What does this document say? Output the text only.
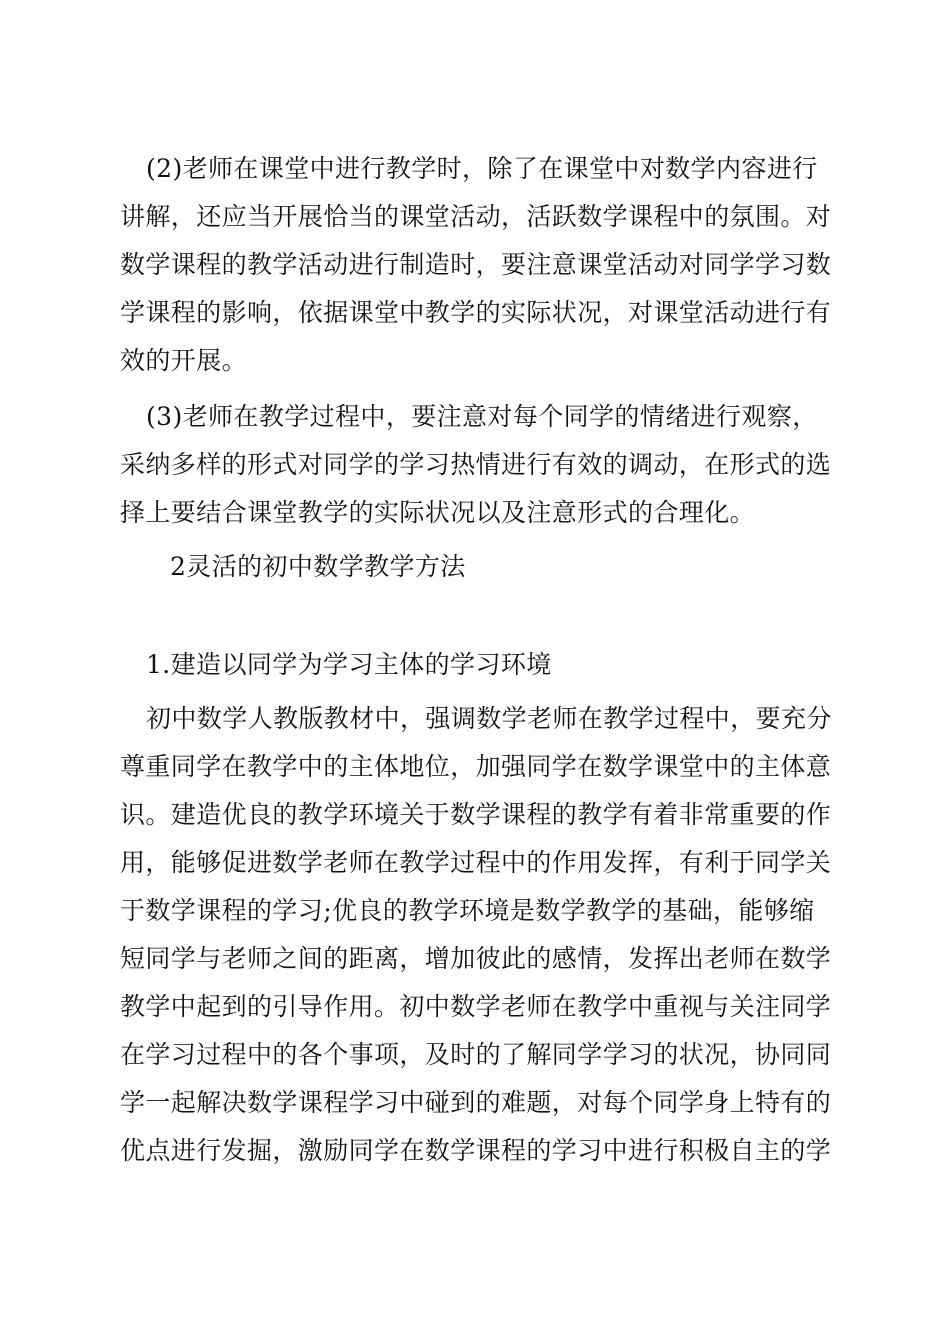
(2)老师在课堂中进行教学时，除了在课堂中对数学内容进行
讲解，还应当开展恰当的课堂活动，活跃数学课程中的氛围。对
数学课程的教学活动进行制造时，要注意课堂活动对同学学习数
学课程的影响，依据课堂中教学的实际状况，对课堂活动进行有
效的开展。
(3)老师在教学过程中，要注意对每个同学的情绪进行观察，
采纳多样的形式对同学的学习热情进行有效的调动，在形式的选
择上要结合课堂教学的实际状况以及注意形式的合理化。
2灵活的初中数学教学方法
1.建造以同学为学习主体的学习环境
初中数学人教版教材中，强调数学老师在教学过程中，要充分
尊重同学在教学中的主体地位，加强同学在数学课堂中的主体意
识。建造优良的教学环境关于数学课程的教学有着非常重要的作
用，能够促进数学老师在教学过程中的作用发挥，有利于同学关
于数学课程的学习;优良的教学环境是数学教学的基础，能够缩
短同学与老师之间的距离，增加彼此的感情，发挥出老师在数学
教学中起到的引导作用。初中数学老师在教学中重视与关注同学
在学习过程中的各个事项，及时的了解同学学习的状况，协同同
学一起解决数学课程学习中碰到的难题，对每个同学身上特有的
优点进行发掘，激励同学在数学课程的学习中进行积极自主的学
